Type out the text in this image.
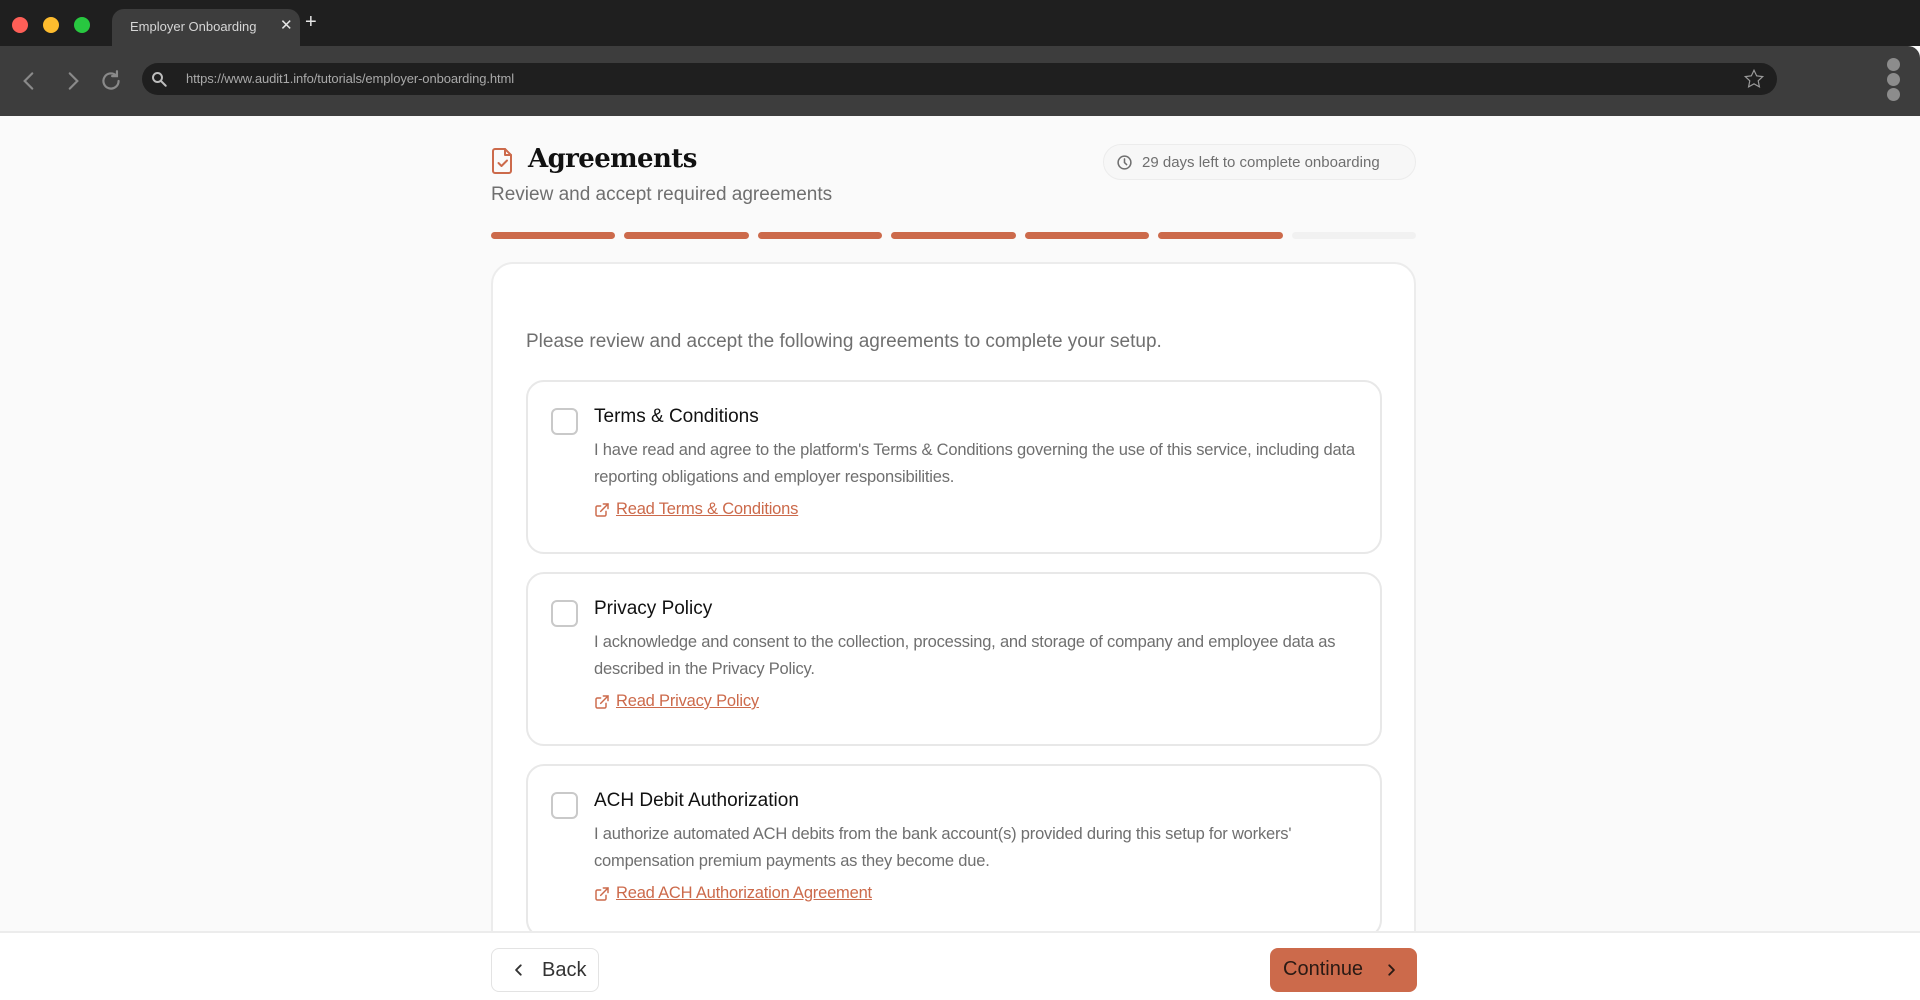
Employer Onboarding ✕ +
https://www.audit1.info/tutorials/employer-onboarding.html
Agreements
Review and accept required agreements
29 days left to complete onboarding

Please review and accept the following agreements to complete your setup.

Terms & Conditions

I have read and agree to the platform's Terms & Conditions governing the use of this service, including data reporting obligations and employer responsibilities.

Read Terms & Conditions
Privacy Policy

I acknowledge and consent to the collection, processing, and storage of company and employee data as described in the Privacy Policy.

Read Privacy Policy
ACH Debit Authorization

I authorize automated ACH debits from the bank account(s) provided during this setup for workers' compensation premium payments as they become due.

Read ACH Authorization Agreement
Back	Continue
